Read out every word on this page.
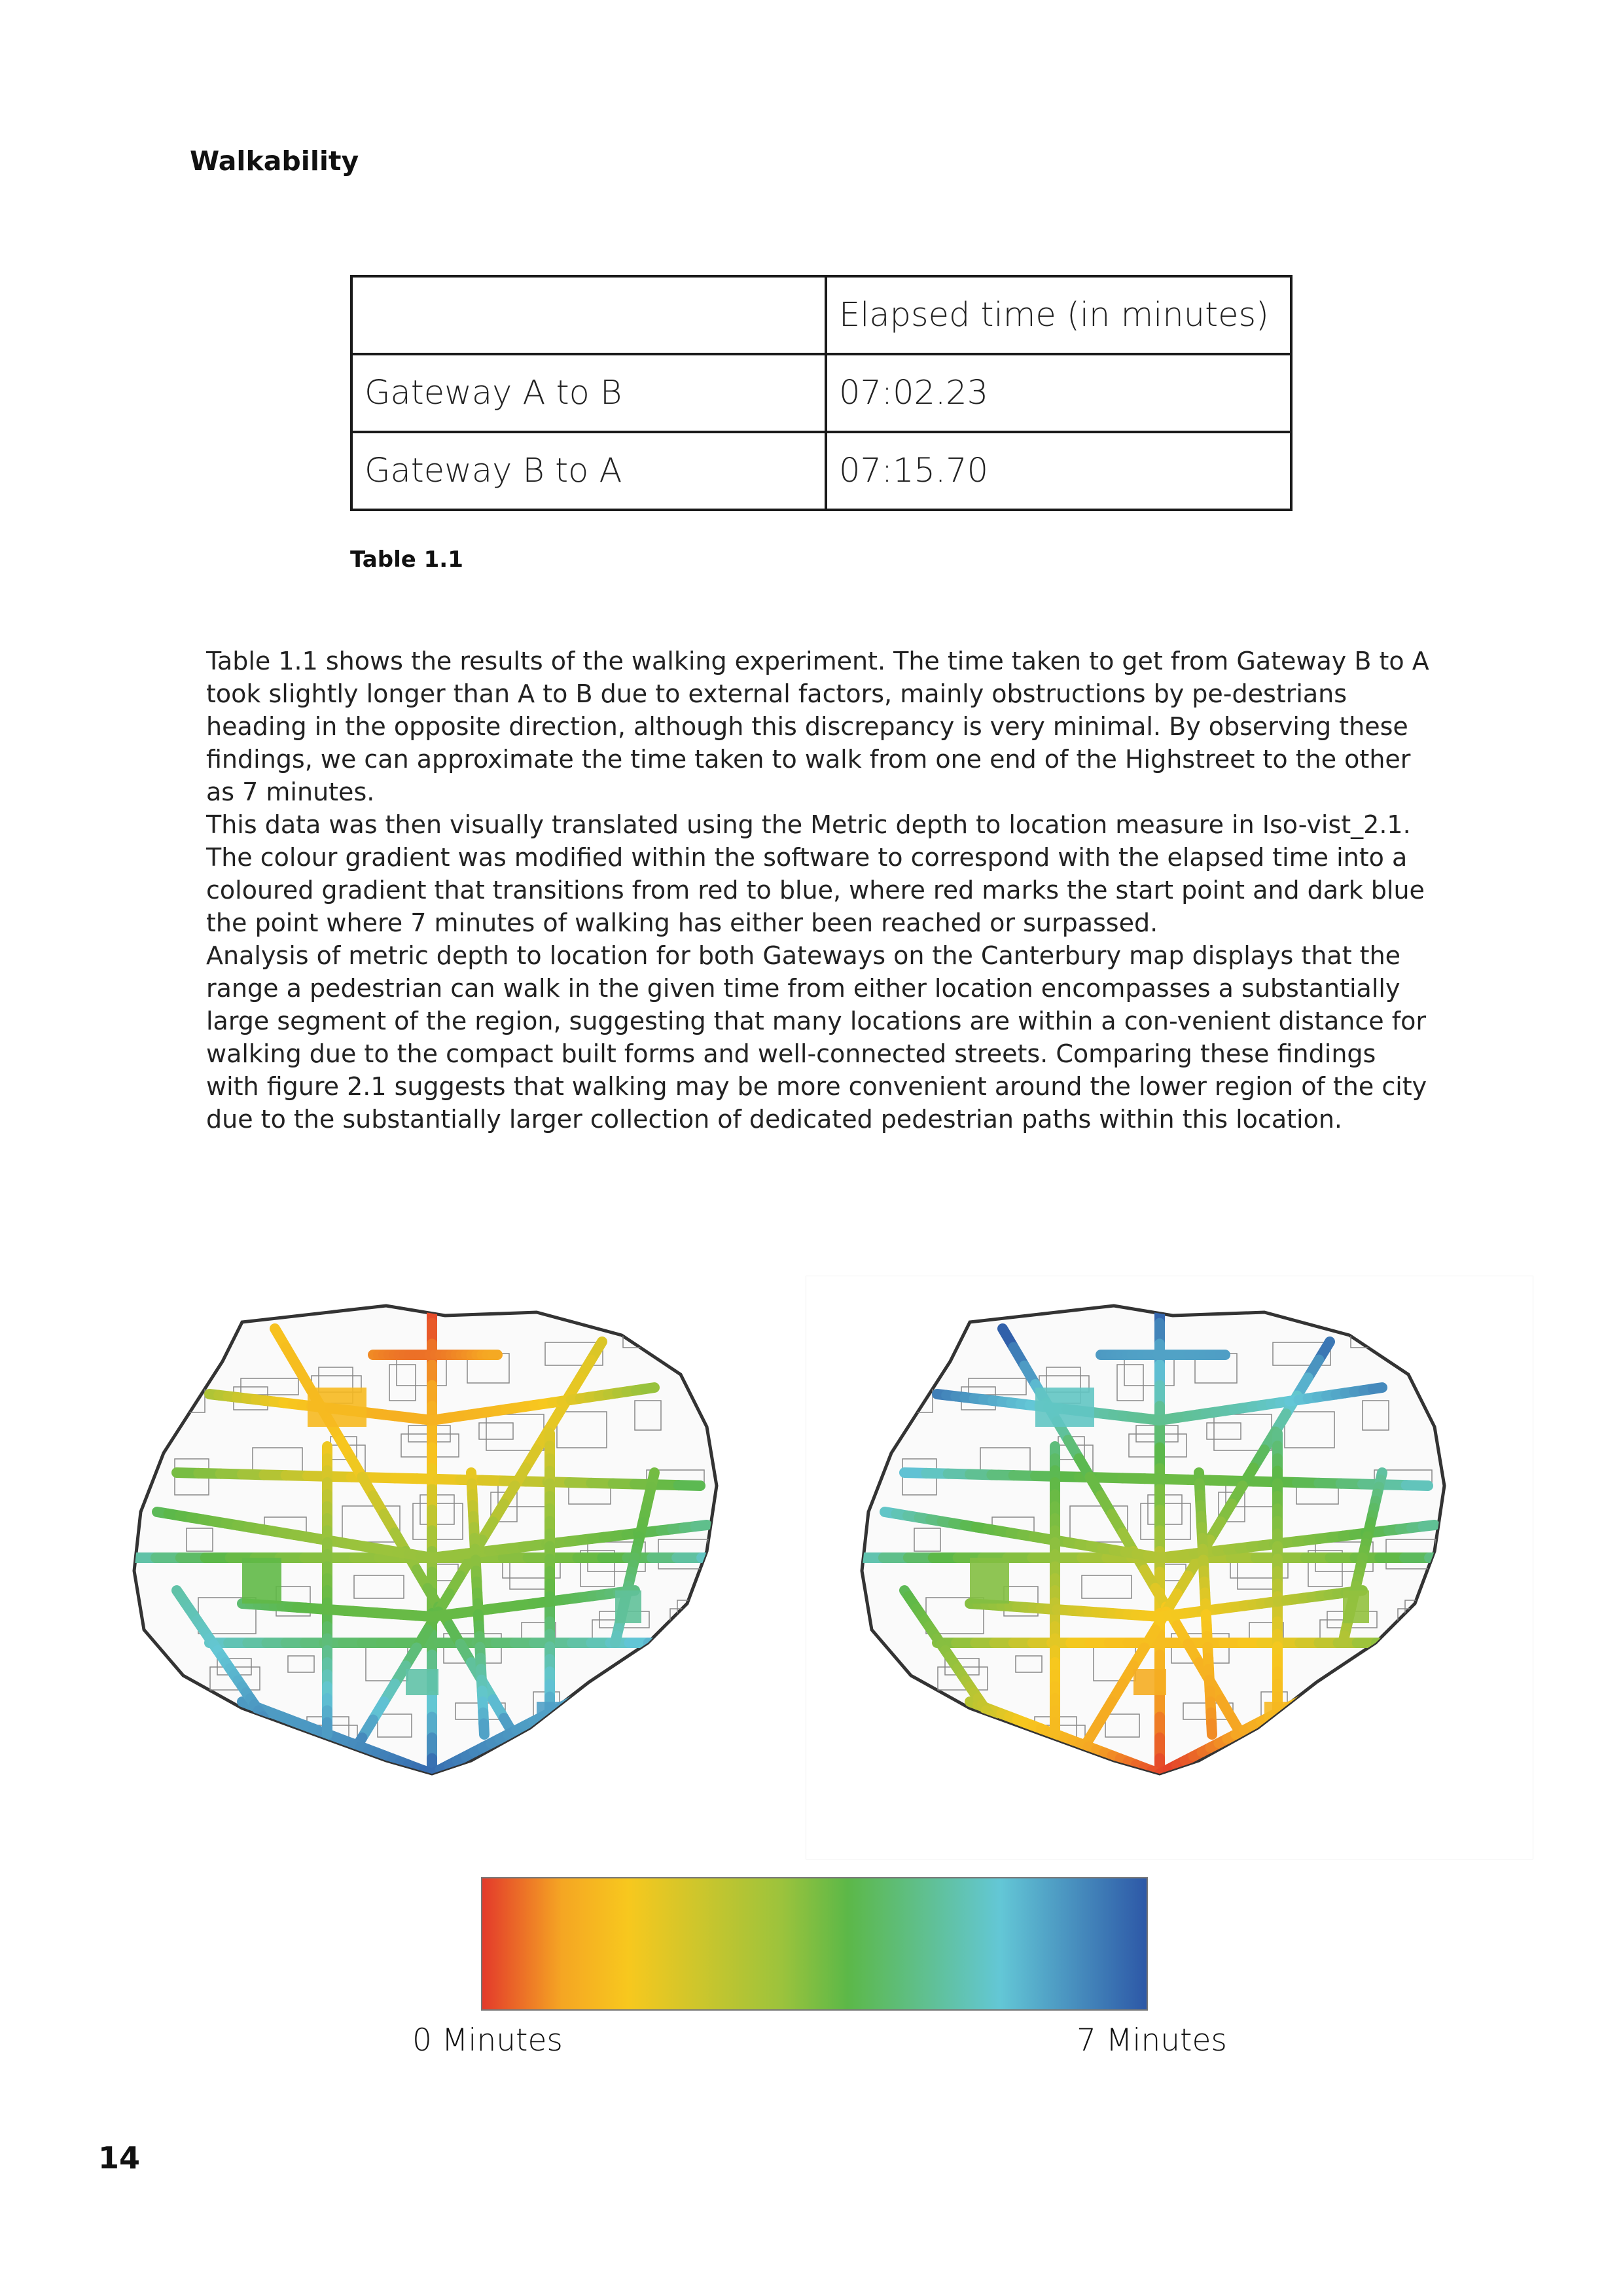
Walkability
	Elapsed time (in minutes)
Gateway A to B	07:02.23
Gateway B to A	07:15.70

Table 1.1

Table 1.1 shows the results of the walking experiment. The time taken to get from Gateway B to A took slightly longer than A to B due to external factors, mainly obstructions by pe-destrians heading in the opposite direction, although this discrepancy is very minimal. By observing these findings, we can approximate the time taken to walk from one end of the Highstreet to the other as 7 minutes.

This data was then visually translated using the Metric depth to location measure in Iso-vist_2.1. The colour gradient was modified within the software to correspond with the elapsed time into a coloured gradient that transitions from red to blue, where red marks the start point and dark blue the point where 7 minutes of walking has either been reached or surpassed.

Analysis of metric depth to location for both Gateways on the Canterbury map displays that the range a pedestrian can walk in the given time from either location encompasses a substantially large segment of the region, suggesting that many locations are within a con-venient distance for walking due to the compact built forms and well-connected streets. Comparing these findings with figure 2.1 suggests that walking may be more convenient around the lower region of the city due to the substantially larger collection of dedicated pedestrian paths within this location.

0 Minutes	7 Minutes
14
